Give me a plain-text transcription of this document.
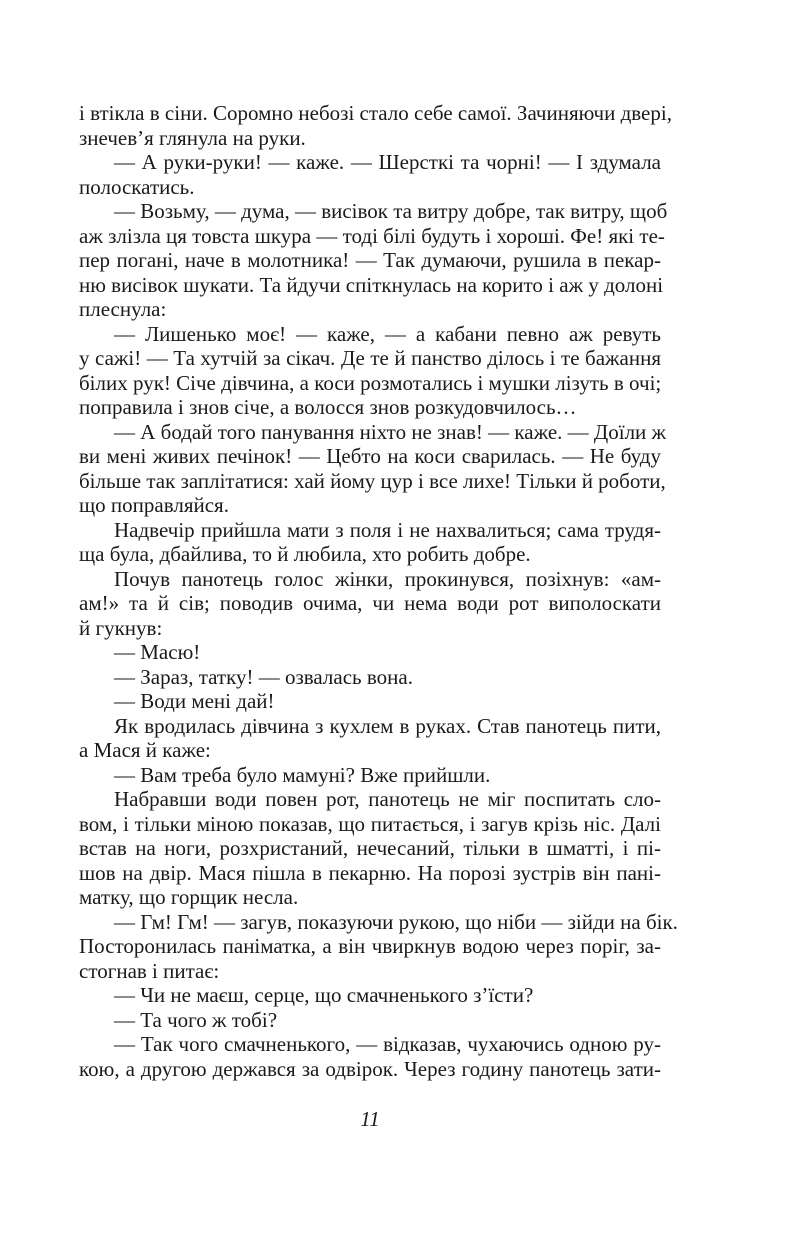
і втікла в сіни. Соромно небозі стало себе самої. Зачиняючи двері,
знечев’я глянула на руки.
— А руки-руки! — каже. — Шерсткі та чорні! — І здумала
полоскатись.
— Возьму, — дума, — висівок та витру добре, так витру, щоб
аж злізла ця товста шкура — тоді білі будуть і хороші. Фе! які те-
пер погані, наче в молотника! — Так думаючи, рушила в пекар-
ню висівок шукати. Та йдучи спіткнулась на корито і аж у долоні
плеснула:
— Лишенько моє! — каже, — а кабани певно аж ревуть
у сажі! — Та хутчій за сікач. Де те й панство ділось і те бажання
білих рук! Січе дівчина, а коси розмотались і мушки лізуть в очі;
поправила і знов січе, а волосся знов розкудовчилось…
— А бодай того панування ніхто не знав! — каже. — Доїли ж
ви мені живих печінок! — Цебто на коси сварилась. — Не буду
більше так заплітатися: хай йому цур і все лихе! Тільки й роботи,
що поправляйся.
Надвечір прийшла мати з поля і не нахвалиться; сама трудя-
ща була, дбайлива, то й любила, хто робить добре.
Почув панотець голос жінки, прокинувся, позіхнув: «ам-
ам!» та й сів; поводив очима, чи нема води рот виполоскати
й гукнув:
— Масю!
— Зараз, татку! — озвалась вона.
— Води мені дай!
Як вродилась дівчина з кухлем в руках. Став панотець пити,
а Мася й каже:
— Вам треба було мамуні? Вже прийшли.
Набравши води повен рот, панотець не міг поспитать сло-
вом, і тільки міною показав, що питається, і загув крізь ніс. Далі
встав на ноги, розхристаний, нечесаний, тільки в шматті, і пі-
шов на двір. Мася пішла в пекарню. На порозі зустрів він пані-
матку, що горщик несла.
— Гм! Гм! — загув, показуючи рукою, що ніби — зійди на бік.
Посторонилась паніматка, а він чвиркнув водою через поріг, за-
стогнав і питає:
— Чи не маєш, серце, що смачненького з’їсти?
— Та чого ж тобі?
— Так чого смачненького, — відказав, чухаючись одною ру-
кою, а другою держався за одвірок. Через годину панотець зати-
11
